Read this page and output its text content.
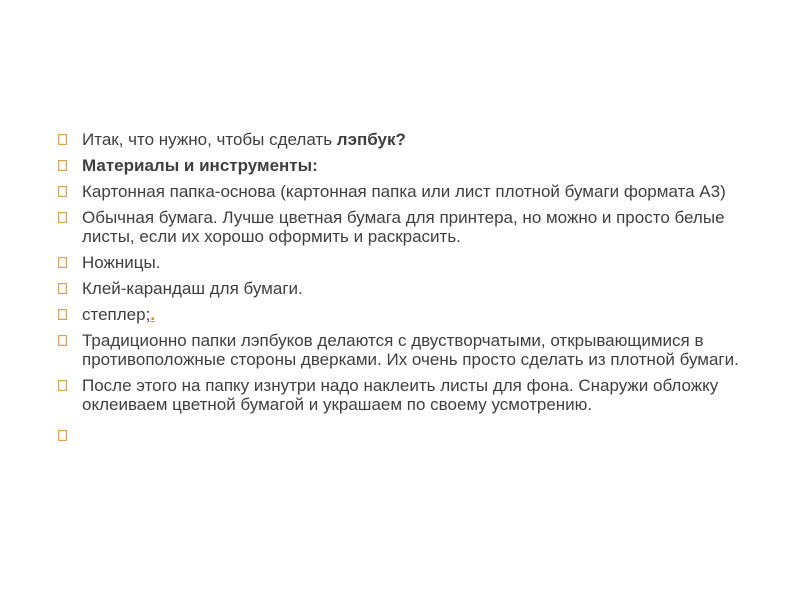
Итак, что нужно, чтобы сделать лэпбук?
Материалы и инструменты:
Картонная папка-основа (картонная папка или лист плотной бумаги формата А3)
Обычная бумага. Лучше цветная бумага для принтера, но можно и просто белые листы, если их хорошо оформить и раскрасить.
Ножницы.
Клей-карандаш для бумаги.
степлер;.
Традиционно папки лэпбуков делаются с двустворчатыми, открывающимися в противоположные стороны дверками. Их очень просто сделать из плотной бумаги.
После этого на папку изнутри надо наклеить листы для фона. Снаружи обложку оклеиваем цветной бумагой и украшаем по своему усмотрению.
